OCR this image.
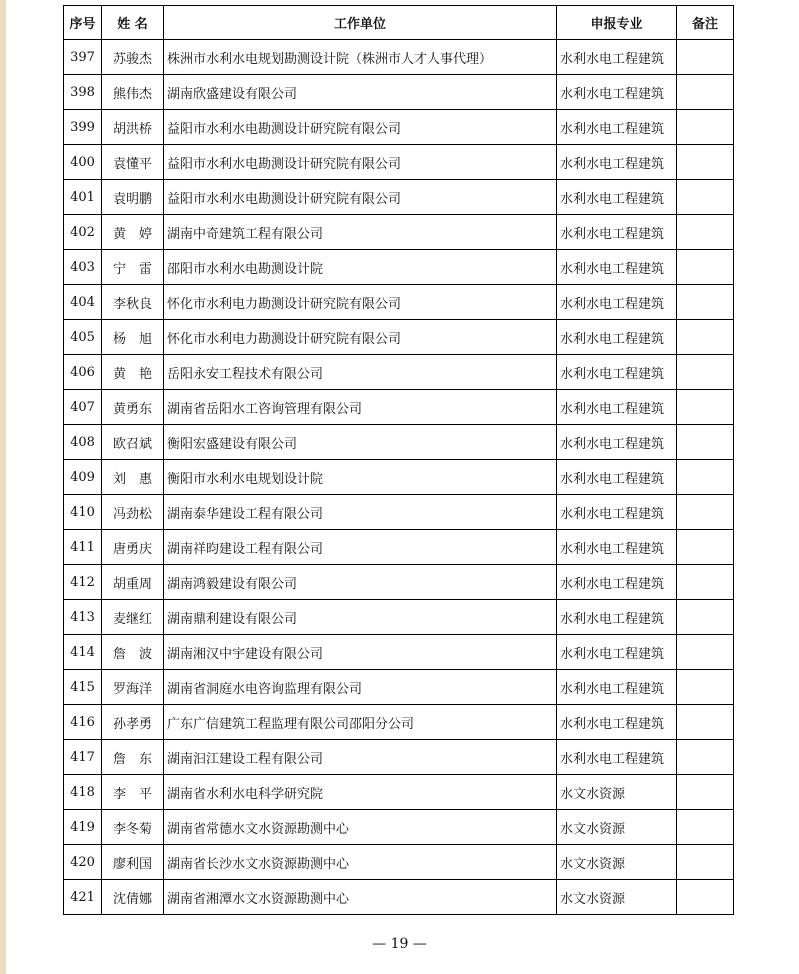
序号	姓 名	工作单位	申报专业	备注
397	苏骏杰	株洲市水利水电规划勘测设计院（株洲市人才人事代理）	水利水电工程建筑	
398	熊伟杰	湖南欣盛建设有限公司	水利水电工程建筑	
399	胡洪桥	益阳市水利水电勘测设计研究院有限公司	水利水电工程建筑	
400	袁懂平	益阳市水利水电勘测设计研究院有限公司	水利水电工程建筑	
401	袁明鹏	益阳市水利水电勘测设计研究院有限公司	水利水电工程建筑	
402	黄　婷	湖南中奇建筑工程有限公司	水利水电工程建筑	
403	宁　雷	邵阳市水利水电勘测设计院	水利水电工程建筑	
404	李秋良	怀化市水利电力勘测设计研究院有限公司	水利水电工程建筑	
405	杨　旭	怀化市水利电力勘测设计研究院有限公司	水利水电工程建筑	
406	黄　艳	岳阳永安工程技术有限公司	水利水电工程建筑	
407	黄勇东	湖南省岳阳水工咨询管理有限公司	水利水电工程建筑	
408	欧召斌	衡阳宏盛建设有限公司	水利水电工程建筑	
409	刘　惠	衡阳市水利水电规划设计院	水利水电工程建筑	
410	冯劲松	湖南泰华建设工程有限公司	水利水电工程建筑	
411	唐勇庆	湖南祥昀建设工程有限公司	水利水电工程建筑	
412	胡重周	湖南鸿毅建设有限公司	水利水电工程建筑	
413	麦继红	湖南鼎利建设有限公司	水利水电工程建筑	
414	詹　波	湖南湘汉中宇建设有限公司	水利水电工程建筑	
415	罗海洋	湖南省洞庭水电咨询监理有限公司	水利水电工程建筑	
416	孙孝勇	广东广信建筑工程监理有限公司邵阳分公司	水利水电工程建筑	
417	詹　东	湖南汩江建设工程有限公司	水利水电工程建筑	
418	李　平	湖南省水利水电科学研究院	水文水资源	
419	李冬菊	湖南省常德水文水资源勘测中心	水文水资源	
420	廖利国	湖南省长沙水文水资源勘测中心	水文水资源	
421	沈倩娜	湖南省湘潭水文水资源勘测中心	水文水资源	
— 19 —
